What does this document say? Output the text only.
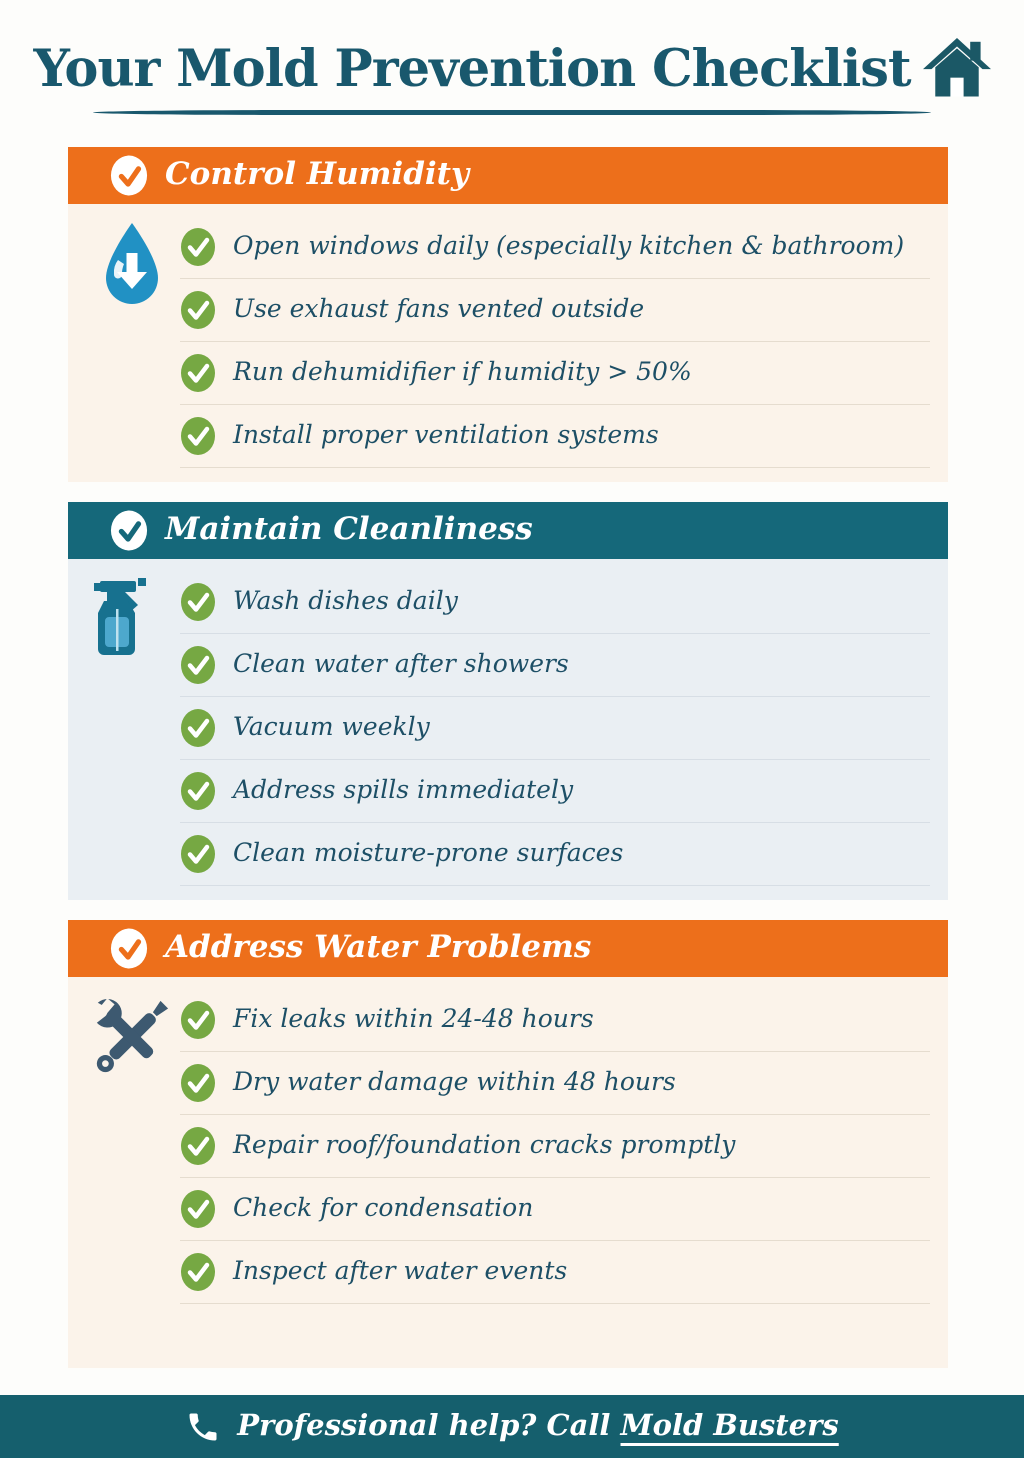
Your Mold Prevention Checklist
Control Humidity
Open windows daily (especially kitchen & bathroom)
Use exhaust fans vented outside
Run dehumidifier if humidity > 50%
Install proper ventilation systems
Maintain Cleanliness
Wash dishes daily
Clean water after showers
Vacuum weekly
Address spills immediately
Clean moisture-prone surfaces
Address Water Problems
Fix leaks within 24-48 hours
Dry water damage within 48 hours
Repair roof/foundation cracks promptly
Check for condensation
Inspect after water events
Professional help? Call Mold Busters
